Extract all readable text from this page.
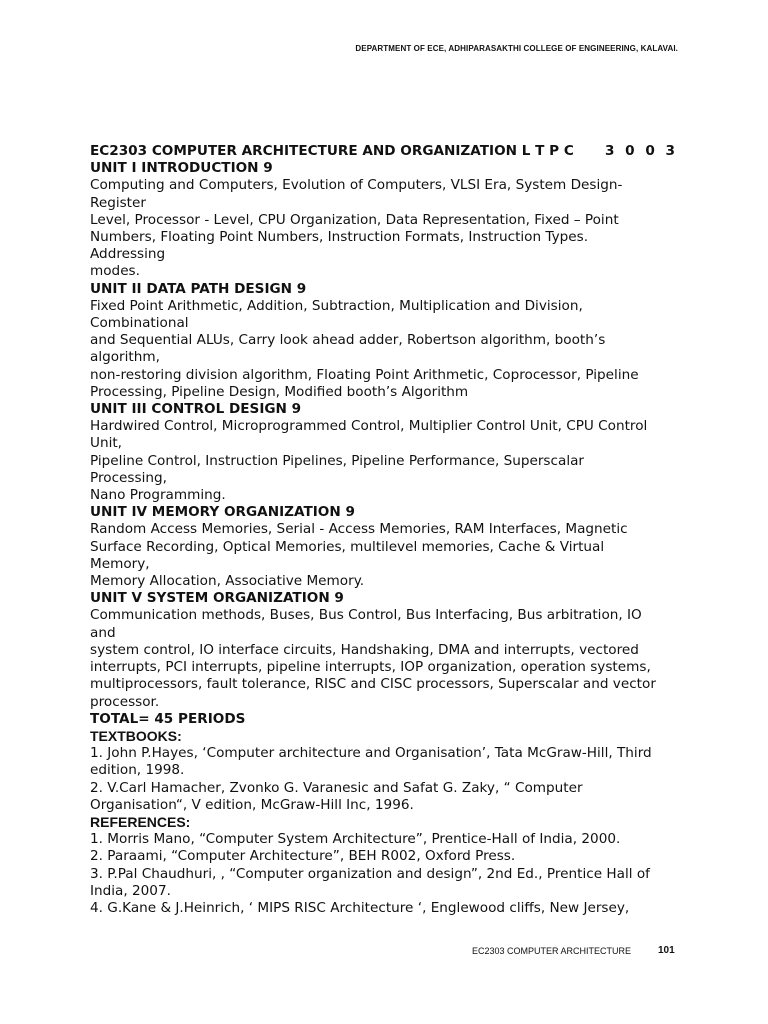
DEPARTMENT OF ECE, ADHIPARASAKTHI COLLEGE OF ENGINEERING, KALAVAI.
EC2303 COMPUTER ARCHITECTURE AND ORGANIZATION L T P C 3 0 0 3
UNIT I INTRODUCTION 9
Computing and Computers, Evolution of Computers, VLSI Era, System Design-
Register
Level, Processor - Level, CPU Organization, Data Representation, Fixed – Point
Numbers, Floating Point Numbers, Instruction Formats, Instruction Types.
Addressing
modes.
UNIT II DATA PATH DESIGN 9
Fixed Point Arithmetic, Addition, Subtraction, Multiplication and Division,
Combinational
and Sequential ALUs, Carry look ahead adder, Robertson algorithm, booth’s
algorithm,
non-restoring division algorithm, Floating Point Arithmetic, Coprocessor, Pipeline
Processing, Pipeline Design, Modified booth’s Algorithm
UNIT III CONTROL DESIGN 9
Hardwired Control, Microprogrammed Control, Multiplier Control Unit, CPU Control
Unit,
Pipeline Control, Instruction Pipelines, Pipeline Performance, Superscalar
Processing,
Nano Programming.
UNIT IV MEMORY ORGANIZATION 9
Random Access Memories, Serial - Access Memories, RAM Interfaces, Magnetic
Surface Recording, Optical Memories, multilevel memories, Cache & Virtual
Memory,
Memory Allocation, Associative Memory.
UNIT V SYSTEM ORGANIZATION 9
Communication methods, Buses, Bus Control, Bus Interfacing, Bus arbitration, IO
and
system control, IO interface circuits, Handshaking, DMA and interrupts, vectored
interrupts, PCI interrupts, pipeline interrupts, IOP organization, operation systems,
multiprocessors, fault tolerance, RISC and CISC processors, Superscalar and vector
processor.
TOTAL= 45 PERIODS
TEXTBOOKS:
1. John P.Hayes, ‘Computer architecture and Organisation’, Tata McGraw-Hill, Third
edition, 1998.
2. V.Carl Hamacher, Zvonko G. Varanesic and Safat G. Zaky, “ Computer
Organisation“, V edition, McGraw-Hill Inc, 1996.
REFERENCES:
1. Morris Mano, “Computer System Architecture”, Prentice-Hall of India, 2000.
2. Paraami, “Computer Architecture”, BEH R002, Oxford Press.
3. P.Pal Chaudhuri, , “Computer organization and design”, 2nd Ed., Prentice Hall of
India, 2007.
4. G.Kane & J.Heinrich, ‘ MIPS RISC Architecture ‘, Englewood cliffs, New Jersey,
EC2303 COMPUTER ARCHITECTURE	101
